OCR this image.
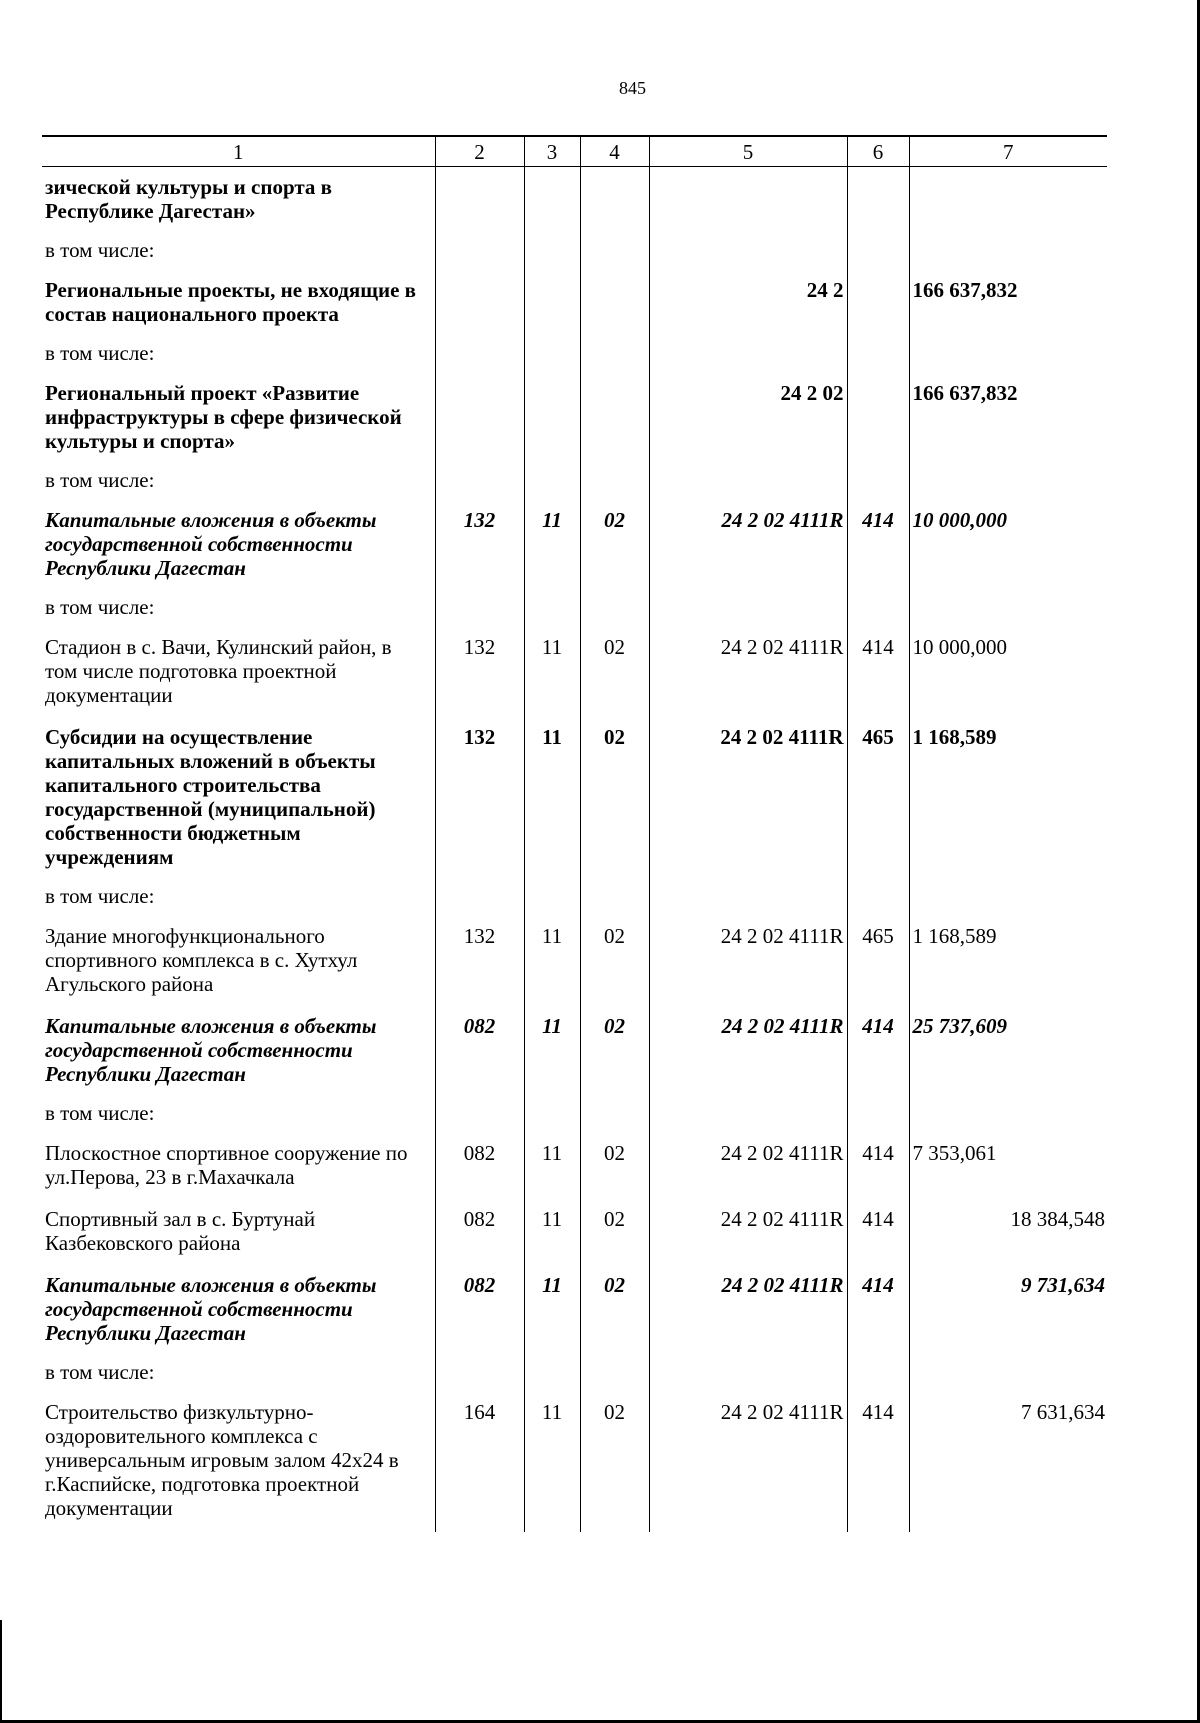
845
1	2	3	4	5	6	7
зической культуры и спорта в Республике Дагестан»						
в том числе:						
Региональные проекты, не входящие в состав национального проекта				24 2		166 637,832
в том числе:						
Региональный проект «Развитие инфраструктуры в сфере физической культуры и спорта»				24 2 02		166 637,832
в том числе:						
Капитальные вложения в объекты государственной собственности Республики Дагестан	132	11	02	24 2 02 4111R	414	10 000,000
в том числе:						
Стадион в с. Вачи, Кулинский район, в том числе подготовка проектной документации	132	11	02	24 2 02 4111R	414	10 000,000
Субсидии на осуществление капитальных вложений в объекты капитального строительства государственной (муниципальной) собственности бюджетным учреждениям	132	11	02	24 2 02 4111R	465	1 168,589
в том числе:						
Здание многофункционального спортивного комплекса в с. Хутхул Агульского района	132	11	02	24 2 02 4111R	465	1 168,589
Капитальные вложения в объекты государственной собственности Республики Дагестан	082	11	02	24 2 02 4111R	414	25 737,609
в том числе:						
Плоскостное спортивное сооружение по ул.Перова, 23 в г.Махачкала	082	11	02	24 2 02 4111R	414	7 353,061
Спортивный зал в с. Буртунай Казбековского района	082	11	02	24 2 02 4111R	414	18 384,548
Капитальные вложения в объекты государственной собственности Республики Дагестан	082	11	02	24 2 02 4111R	414	9 731,634
в том числе:						
Строительство физкультурно-оздоровительного комплекса с универсальным игровым залом 42x24 в г.Каспийске, подготовка проектной документации	164	11	02	24 2 02 4111R	414	7 631,634
